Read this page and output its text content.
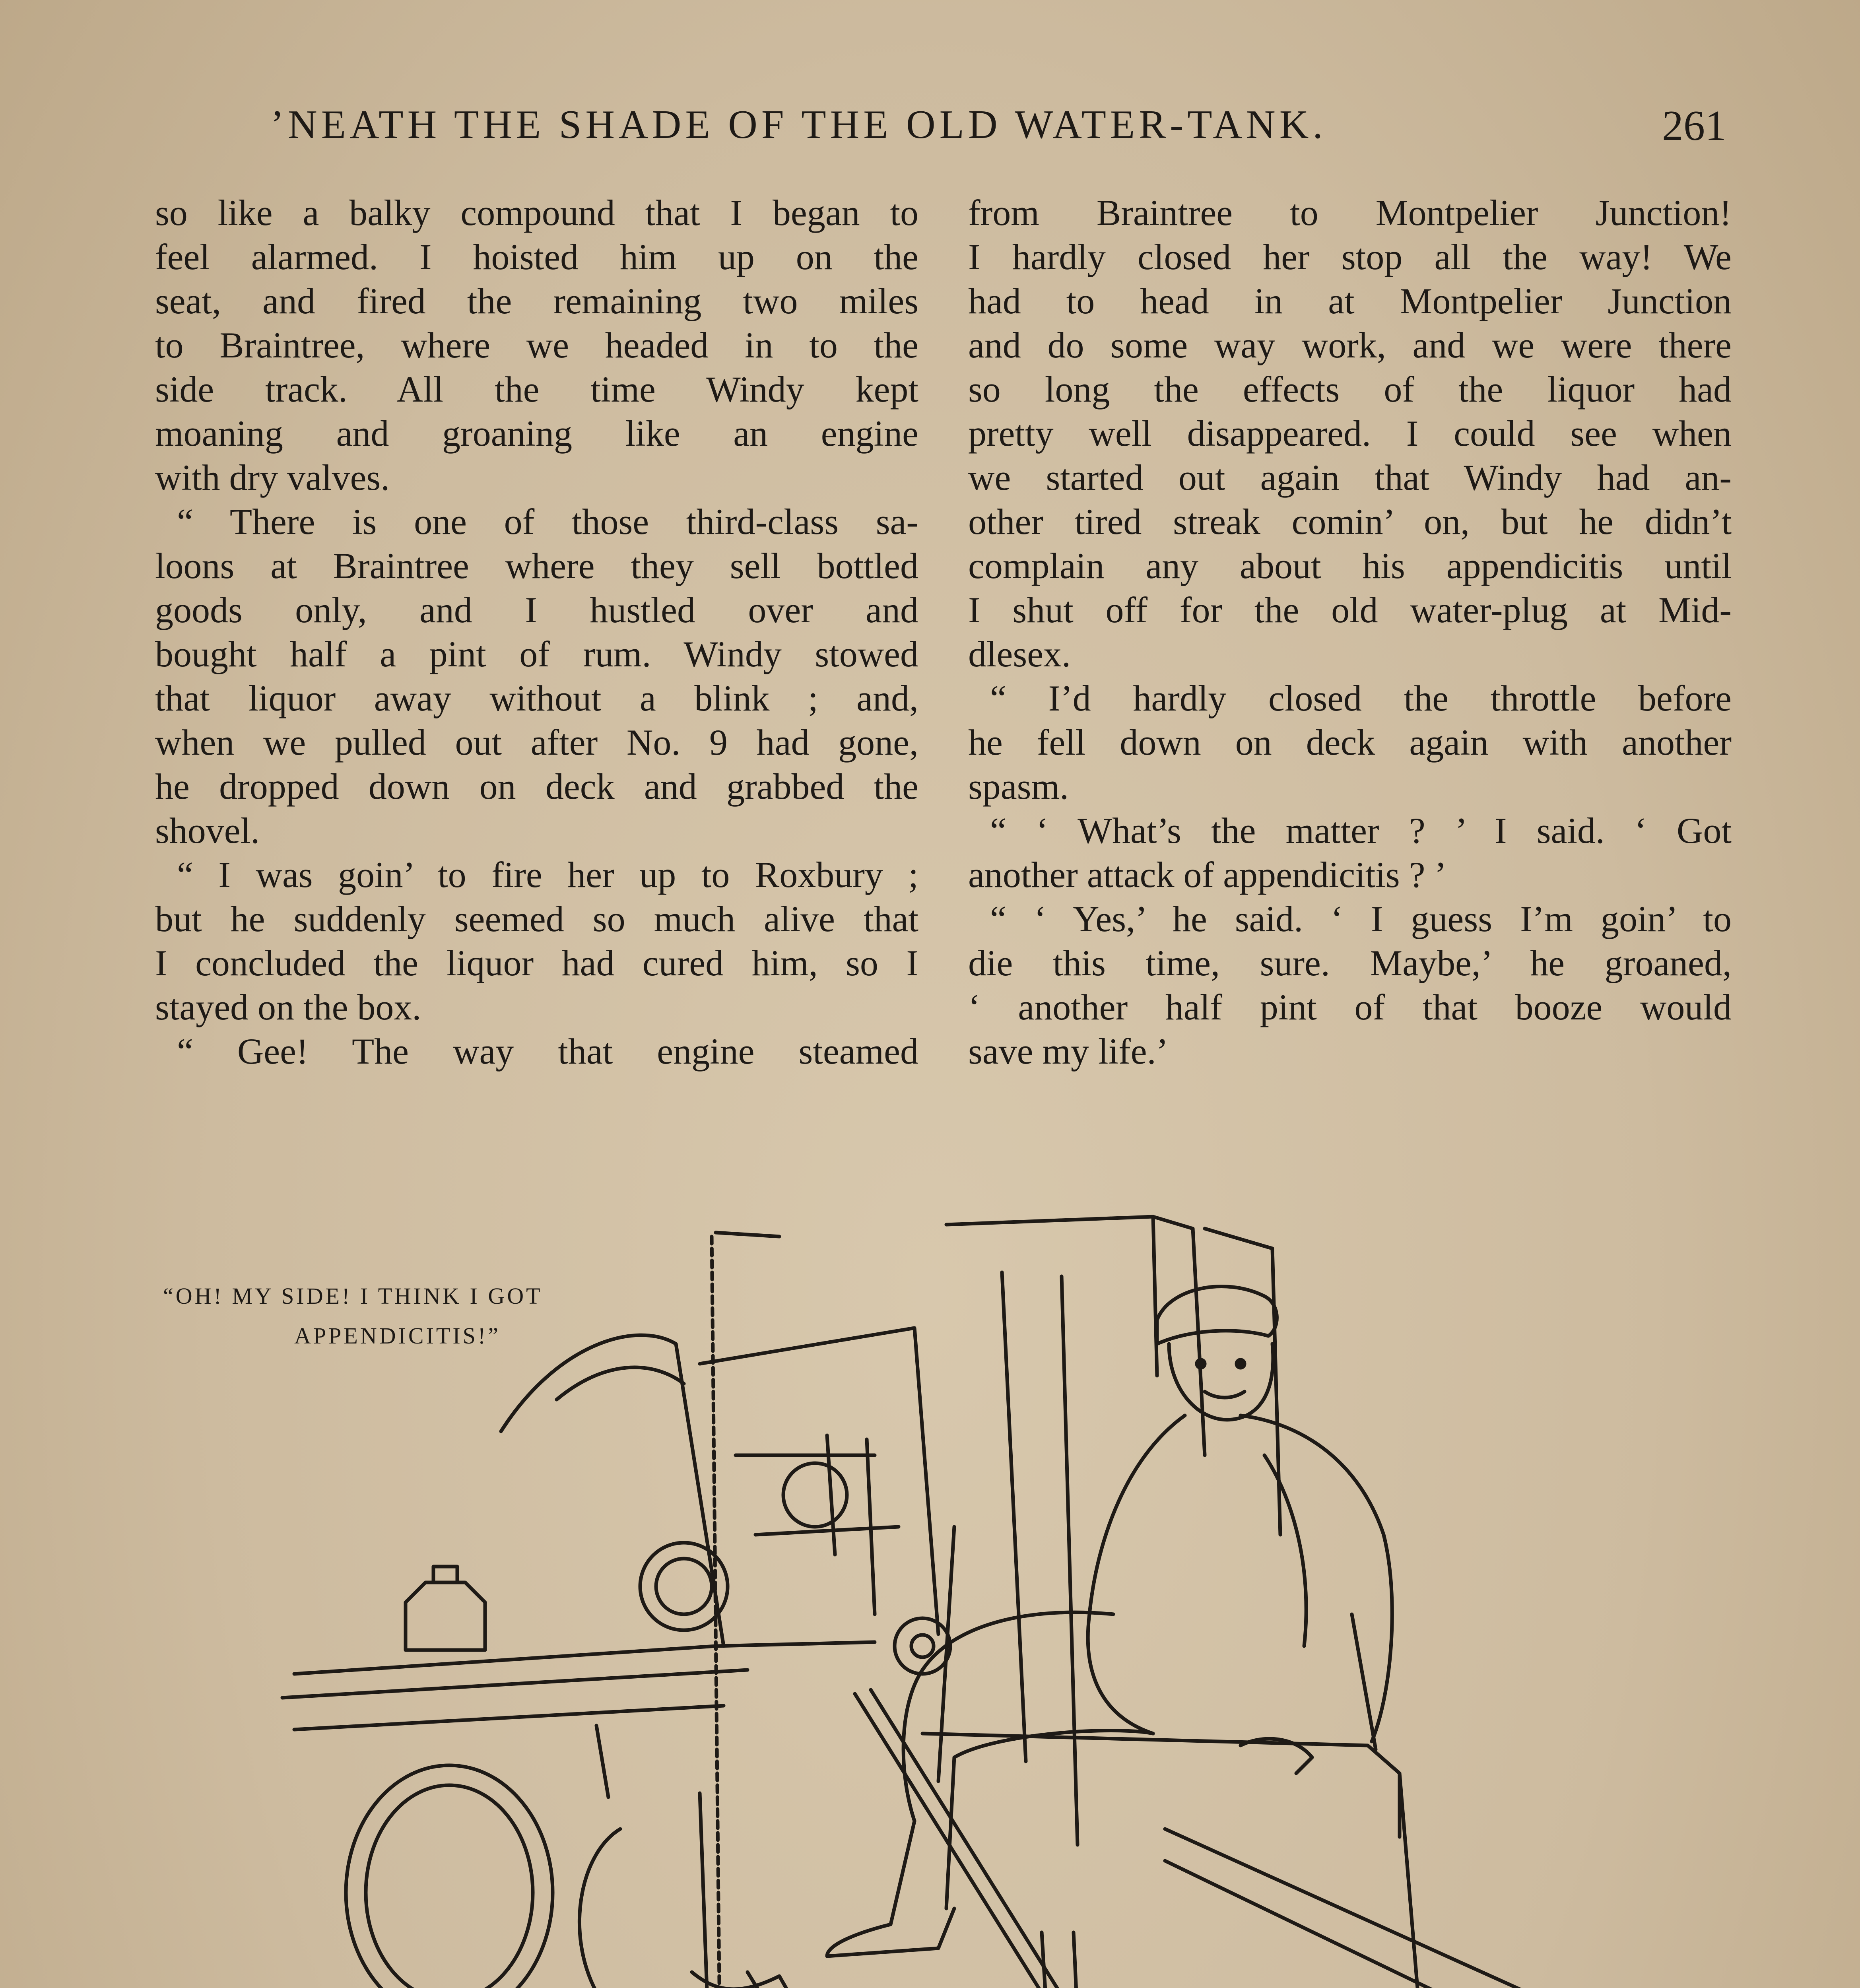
’NEATH THE SHADE OF THE OLD WATER-TANK.	261
so like a balky compound that I began to
feel alarmed. I hoisted him up on the
seat, and fired the remaining two miles
to Braintree, where we headed in to the
side track. All the time Windy kept
moaning and groaning like an engine
with dry valves.
“ There is one of those third-class sa-
loons at Braintree where they sell bottled
goods only, and I hustled over and
bought half a pint of rum. Windy stowed
that liquor away without a blink ; and,
when we pulled out after No. 9 had gone,
he dropped down on deck and grabbed the
shovel.
“ I was goin’ to fire her up to Roxbury ;
but he suddenly seemed so much alive that
I concluded the liquor had cured him, so I
stayed on the box.
“ Gee! The way that engine steamed
from Braintree to Montpelier Junction!
I hardly closed her stop all the way! We
had to head in at Montpelier Junction
and do some way work, and we were there
so long the effects of the liquor had
pretty well disappeared. I could see when
we started out again that Windy had an-
other tired streak comin’ on, but he didn’t
complain any about his appendicitis until
I shut off for the old water-plug at Mid-
dlesex.
“ I’d hardly closed the throttle before
he fell down on deck again with another
spasm.
“ ‘ What’s the matter ? ’ I said. ‘ Got
another attack of appendicitis ? ’
“ ‘ Yes,’ he said. ‘ I guess I’m goin’ to
die this time, sure. Maybe,’ he groaned,
‘ another half pint of that booze would
save my life.’
“OH! MY SIDE! I THINK I GOT
APPENDICITIS!”
